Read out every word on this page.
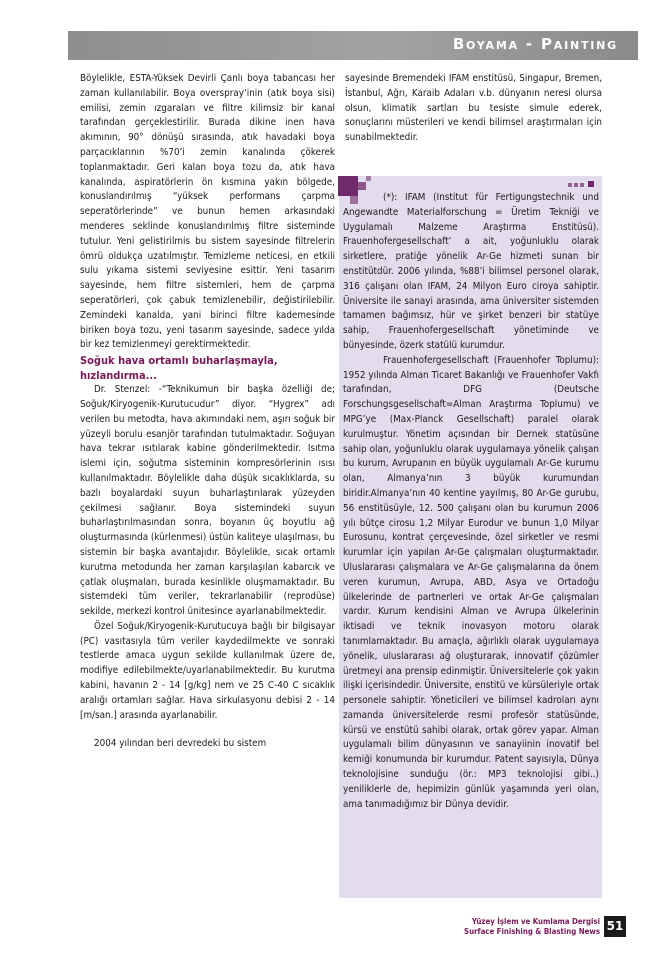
Boyama - Painting

Böylelikle, ESTA-Yüksek Devirli Çanlı boya tabancası her zaman kullanılabilir. Boya overspray’inin (atık boya sisi) emilisi, zemin ızgaraları ve filtre kilimsiz bir kanal tarafından gerçeklestirilir. Burada dikine inen hava akımının, 90° dönüşü sırasında, atık havadaki boya parçacıklarının %70’i zemin kanalında çökerek toplanmaktadır. Geri kalan boya tozu da, atık hava kanalında, aspiratörlerin ön kısmına yakın bölgede, konuslandırılmış “yüksek performans çarpma seperatörlerinde” ve bunun hemen arkasındaki menderes seklinde konuslandırılmış filtre sisteminde tutulur. Yeni gelistirilmis bu sistem sayesinde filtrelerin ömrü oldukça uzatılmıştır. Temizleme neticesi, en etkili sulu yıkama sistemi seviyesine esittir. Yeni tasarım sayesinde, hem filtre sistemleri, hem de çarpma seperatörleri, çok çabuk temizlenebilir, değistirilebilir. Zemindeki kanalda, yani birinci filtre kademesinde biriken boya tozu, yeni tasarım sayesinde, sadece yılda bir kez temizlenmeyi gerektirmektedir.

Soğuk hava ortamlı buharlaşmayla, hızlandırma...

Dr. Stenzel: -“Teknikumun bir başka özelliği de; Soğuk/Kiryogenik-Kurutucudur” diyor. “Hygrex” adı verilen bu metodta, hava akımındaki nem, aşırı soğuk bir yüzeyli borulu esanjör tarafından tutulmaktadır. Soğuyan hava tekrar ısıtılarak kabine gönderilmektedir. Isıtma islemi için, soğutma sisteminin kompresörlerinin ısısı kullanılmaktadır. Böylelikle daha düşük sıcaklıklarda, su bazlı boyalardaki suyun buharlaştırılarak yüzeyden çekilmesi sağlanır. Boya sistemindeki suyun buharlaştırılmasından sonra, boyanın üç boyutlu ağ oluşturmasında (kürlenmesi) üstün kaliteye ulaşılması, bu sistemin bir başka avantajıdır. Böylelikle, sıcak ortamlı kurutma metodunda her zaman karşılaşılan kabarcık ve çatlak oluşmaları, burada kesinlikle oluşmamaktadır. Bu sistemdeki tüm veriler, tekrarlanabilir (reprodüse) sekilde, merkezi kontrol ünitesince ayarlanabilmektedir.

Özel Soğuk/Kiryogenik-Kurutucuya bağlı bir bilgisayar (PC) vasıtasıyla tüm veriler kaydedilmekte ve sonraki testlerde amaca uygun sekilde kullanılmak üzere de, modifiye edilebilmekte/uyarlanabilmektedir. Bu kurutma kabini, havanın 2 - 14 [g/kg] nem ve 25 C-40 C sıcaklık aralığı ortamları sağlar. Hava sirkulasyonu debisi 2 - 14 [m/san.] arasında ayarlanabilir.

2004 yılından beri devredeki bu sistem

sayesinde Bremendeki IFAM enstitüsü, Singapur, Bremen, İstanbul, Ağrı, Karaib Adaları v.b. dünyanın neresi olursa olsun, klimatik sartları bu tesiste simule ederek, sonuçlarını müsterileri ve kendi bilimsel araştırmaları için sunabilmektedir.

(*): IFAM (Institut für Fertigungstechnik und Angewandte Materialforschung = Üretim Tekniği ve Uygulamalı Malzeme Araştırma Enstitüsü). Frauenhofergesellschaft’ a ait, yoğunluklu olarak sirketlere, pratiğe yönelik Ar-Ge hizmeti sunan bir enstitütdür. 2006 yılında, %88’i bilimsel personel olarak, 316 çalışanı olan IFAM, 24 Milyon Euro ciroya sahiptir. Üniversite ile sanayi arasında, ama üniversiter sistemden tamamen bağımsız, hür ve şirket benzeri bir statüye sahip, Frauenhofergesellschaft yönetiminde ve bünyesinde, özerk statülü kurumdur.

Frauenhofergesellschaft (Frauenhofer Toplumu): 1952 yılında Alman Ticaret Bakanlığı ve Frauenhofer Vakfı tarafından, DFG (Deutsche Forschungsgesellschaft=Alman Araştırma Toplumu) ve MPG’ye (Max-Planck Gesellschaft) paralel olarak kurulmuştur. Yönetim açısından bir Dernek statüsüne sahip olan, yoğunluklu olarak uygulamaya yönelik çalışan bu kurum, Avrupanın en büyük uygulamalı Ar-Ge kurumu olan, Almanya’nın 3 büyük kurumundan biridir.Almanya’nın 40 kentine yayılmış, 80 Ar-Ge gurubu, 56 enstitüsüyle, 12. 500 çalışanı olan bu kurumun 2006 yılı bütçe cirosu 1,2 Milyar Eurodur ve bunun 1,0 Milyar Eurosunu, kontrat çerçevesinde, özel sirketler ve resmi kurumlar için yapılan Ar-Ge çalışmaları oluşturmaktadır. Uluslararası çalışmalara ve Ar-Ge çalışmalarına da önem veren kurumun, Avrupa, ABD, Asya ve Ortadoğu ülkelerinde de partnerleri ve ortak Ar-Ge çalışmaları vardır. Kurum kendisini Alman ve Avrupa ülkelerinin iktisadi ve teknik inovasyon motoru olarak tanımlamaktadır. Bu amaçla, ağırlıklı olarak uygulamaya yönelik, uluslararası ağ oluşturarak, innovatif çözümler üretmeyi ana prensip edinmiştir. Üniversitelerle çok yakın ilişki içerisindedir. Üniversite, enstitü ve kürsüleriyle ortak personele sahiptir. Yöneticileri ve bilimsel kadroları aynı zamanda üniversitelerde resmi profesör statüsünde, kürsü ve enstütü sahibi olarak, ortak görev yapar. Alman uygulamalı bilim dünyasının ve sanayiinin inovatif bel kemiği konumunda bir kurumdur. Patent sayısıyla, Dünya teknolojisine sunduğu (ör.: MP3 teknolojisi gibi..) yeniliklerle de, hepimizin günlük yaşamında yeri olan, ama tanımadığımız bir Dünya devidir.

Yüzey İşlem ve Kumlama Dergisi
Surface Finishing & Blasting News 51
